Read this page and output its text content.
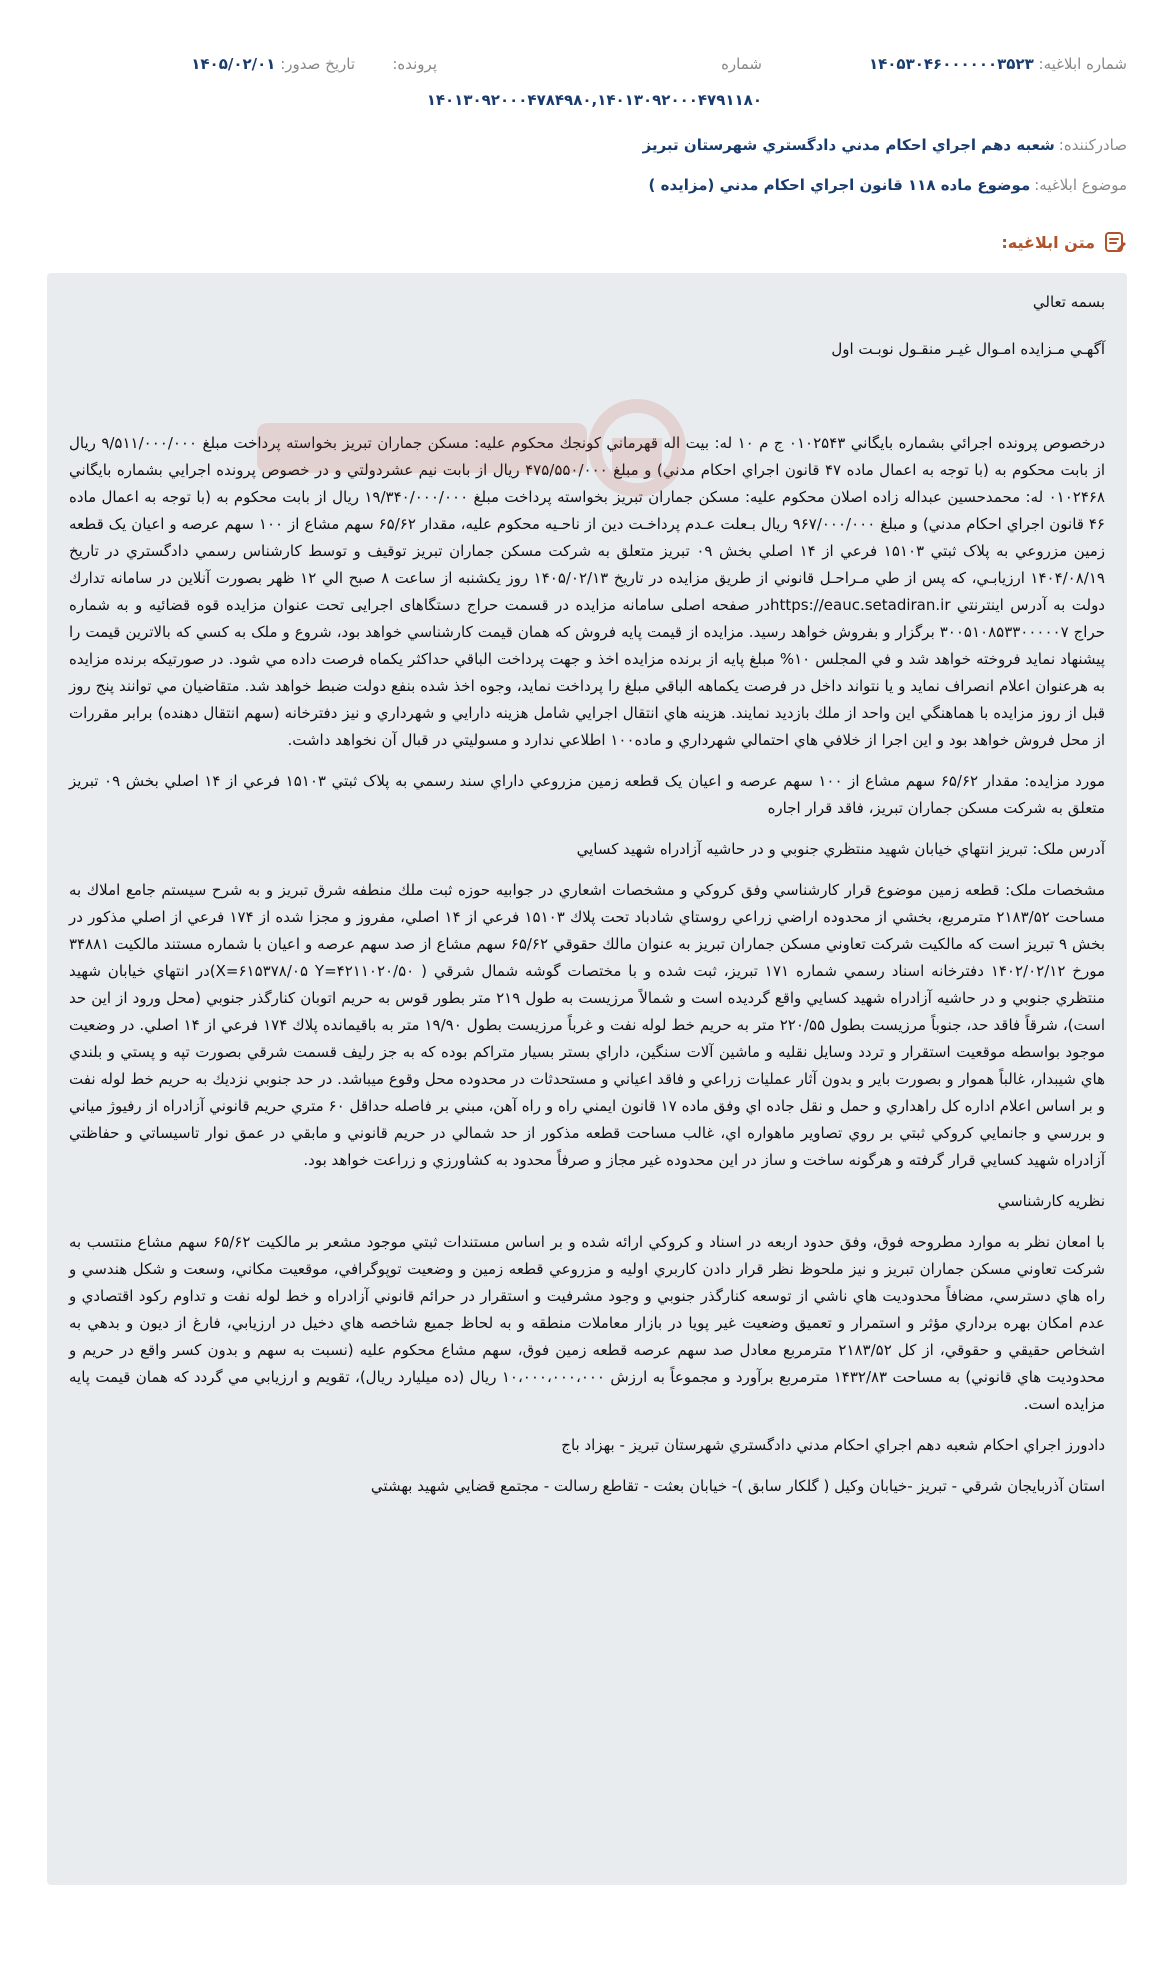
شماره ابلاغیه: ۱۴۰۵۳۰۴۶۰۰۰۰۰۰۳۵۲۳
شماره
پرونده:
تاریخ صدور: ۱۴۰۵/۰۲/۰۱
۱۴۰۱۳۰۹۲۰۰۰۴۷۸۴۹۸۰,۱۴۰۱۳۰۹۲۰۰۰۴۷۹۱۱۸۰
صادرکننده:
شعبه دهم اجراي احكام مدني دادگستري شهرستان تبريز
موضوع ابلاغیه:
موضوع ماده ۱۱۸ قانون اجراي احكام مدني (مزايده )
متن ابلاغیه:

بسمه تعالي

آگهـي مـزايده امـوال غيـر منقـول نوبـت اول

درخصوص پرونده اجرائي بشماره بايگاني ۰۱۰۲۵۴۳ ج م ۱۰ له: بيت اله قهرماني كونجك محكوم عليه: مسكن جماران تبريز بخواسته پرداخت مبلغ ۹/۵۱۱/۰۰۰/۰۰۰ ريال از بابت محكوم به (با توجه به اعمال ماده ۴۷ قانون اجراي احكام مدني) و مبلغ ۴۷۵/۵۵۰/۰۰۰ ريال از بابت نيم عشردولتي و در خصوص پرونده اجرايي بشماره بايگاني ۰۱۰۲۴۶۸ له: محمدحسين عبداله زاده اصلان محكوم عليه: مسكن جماران تبريز بخواسته پرداخت مبلغ ۱۹/۳۴۰/۰۰۰/۰۰۰ ريال از بابت محكوم به (با توجه به اعمال ماده ۴۶ قانون اجراي احكام مدني) و مبلغ ۹۶۷/۰۰۰/۰۰۰ ريال بـعلت عـدم پرداخـت دين از ناحـيه محكوم عليه، مقدار ۶۵/۶۲ سهم مشاع از ۱۰۰ سهم عرصه و اعيان يک قطعه زمين مزروعي به پلاک ثبتي ۱۵۱۰۳ فرعي از ۱۴ اصلي بخش ۰۹ تبريز متعلق به شرکت مسکن جماران تبريز توقيف و توسط كارشناس رسمي دادگستري در تاريخ ۱۴۰۴/۰۸/۱۹ ارزيابـي، كه پس از طي مـراحـل قانوني از طريق مزايده در تاريخ ۱۴۰۵/۰۲/۱۳ روز يكشنبه از ساعت ۸ صبح الي ۱۲ ظهر بصورت آنلاين در سامانه تدارك دولت به آدرس اينترنتي https://eauc.setadiran.irدر صفحه اصلی سامانه مزايده در قسمت حراج دستگاهای اجرايی تحت عنوان مزايده قوه قضائيه و به شماره حراج ۳۰۰۵۱۰۸۵۳۳۰۰۰۰۰۷ برگزار و بفروش خواهد رسيد. مزايده از قيمت پايه فروش كه همان قيمت كارشناسي خواهد بود، شروع و ملک به كسي كه بالاترين قيمت را پيشنهاد نمايد فروخته خواهد شد و في المجلس ۱۰% مبلغ پايه از برنده مزايده اخذ و جهت پرداخت الباقي حداكثر يكماه فرصت داده مي شود. در صورتيكه برنده مزايده به هرعنوان اعلام انصراف نمايد و يا نتواند داخل در فرصت يكماهه الباقي مبلغ را پرداخت نمايد، وجوه اخذ شده بنفع دولت ضبط خواهد شد. متقاضيان مي توانند پنج روز قبل از روز مزايده با هماهنگي اين واحد از ملك بازديد نمايند. هزينه هاي انتقال اجرايي شامل هزينه دارايي و شهرداري و نيز دفترخانه (سهم انتقال دهنده) برابر مقررات از محل فروش خواهد بود و اين اجرا از خلافي هاي احتمالي شهرداري و ماده۱۰۰ اطلاعي ندارد و مسوليتي در قبال آن نخواهد داشت.

مورد مزايده: مقدار ۶۵/۶۲ سهم مشاع از ۱۰۰ سهم عرصه و اعيان يک قطعه زمين مزروعي داراي سند رسمي به پلاک ثبتي ۱۵۱۰۳ فرعي از ۱۴ اصلي بخش ۰۹ تبريز متعلق به شرکت مسکن جماران تبريز، فاقد قرار اجاره

آدرس ملک: تبريز انتهاي خيابان شهيد منتظري جنوبي و در حاشيه آزادراه شهيد كسايي

مشخصات ملک: قطعه زمين موضوع قرار كارشناسي وفق كروكي و مشخصات اشعاري در جوابيه حوزه ثبت ملك منطفه شرق تبريز و به شرح سيستم جامع املاك به مساحت ۲۱۸۳/۵۲ مترمربع، بخشي از محدوده اراضي زراعي روستاي شادباد تحت پلاك ۱۵۱۰۳ فرعي از ۱۴ اصلي، مفروز و مجزا شده از ۱۷۴ فرعي از اصلي مذكور در بخش ۹ تبريز است كه مالكيت شركت تعاوني مسكن جماران تبريز به عنوان مالك حقوقي ۶۵/۶۲ سهم مشاع از صد سهم عرصه و اعيان با شماره مستند مالكيت ۳۴۸۸۱ مورخ ۱۴۰۲/۰۲/۱۲ دفترخانه اسناد رسمي شماره ۱۷۱ تبريز، ثبت شده و با مختصات گوشه شمال شرقي ( X=۶۱۵۳۷۸/۰۵ Y=۴۲۱۱۰۲۰/۵۰)در انتهاي خيابان شهيد منتظري جنوبي و در حاشيه آزادراه شهيد كسايي واقع گرديده است و شمالاً مرزيست به طول ۲۱۹ متر بطور قوس به حريم اتوبان كنارگذر جنوبي (محل ورود از اين حد است)، شرقاً فاقد حد، جنوباً مرزيست بطول ۲۲۰/۵۵ متر به حريم خط لوله نفت و غرباً مرزيست بطول ۱۹/۹۰ متر به باقيمانده پلاك ۱۷۴ فرعي از ۱۴ اصلي. در وضعيت موجود بواسطه موقعيت استقرار و تردد وسايل نقليه و ماشين آلات سنگين، داراي بستر بسيار متراكم بوده كه به جز رليف قسمت شرقي بصورت تپه و پستي و بلندي هاي شيبدار، غالباً هموار و بصورت باير و بدون آثار عمليات زراعي و فاقد اعياني و مستحدثات در محدوده محل وقوع ميباشد. در حد جنوبي نزديك به حريم خط لوله نفت و بر اساس اعلام اداره كل راهداري و حمل و نقل جاده اي وفق ماده ۱۷ قانون ايمني راه و راه آهن، مبني بر فاصله حداقل ۶۰ متري حريم قانوني آزادراه از رفيوژ مياني و بررسي و جانمايي كروكي ثبتي بر روي تصاوير ماهواره اي، غالب مساحت قطعه مذكور از حد شمالي در حريم قانوني و مابقي در عمق نوار تاسيساتي و حفاظتي آزادراه شهيد كسايي قرار گرفته و هرگونه ساخت و ساز در اين محدوده غير مجاز و صرفاً محدود به كشاورزي و زراعت خواهد بود.

نظريه كارشناسي

با امعان نظر به موارد مطروحه فوق، وفق حدود اربعه در اسناد و كروكي ارائه شده و بر اساس مستندات ثبتي موجود مشعر بر مالكيت ۶۵/۶۲ سهم مشاع منتسب به شركت تعاوني مسكن جماران تبريز و نيز ملحوظ نظر قرار دادن كاربري اوليه و مزروعي قطعه زمين و وضعيت توپوگرافي، موقعيت مكاني، وسعت و شكل هندسي و راه هاي دسترسي، مضافاً محدوديت هاي ناشي از توسعه كنارگذر جنوبي و وجود مشرفيت و استقرار در حرائم قانوني آزادراه و خط لوله نفت و تداوم ركود اقتصادي و عدم امكان بهره برداري مؤثر و استمرار و تعميق وضعيت غير پويا در بازار معاملات منطقه و به لحاظ جميع شاخصه هاي دخيل در ارزيابي، فارغ از ديون و بدهي به اشخاص حقيقي و حقوقي، از كل ۲۱۸۳/۵۲ مترمربع معادل صد سهم عرصه قطعه زمين فوق، سهم مشاع محكوم عليه (نسبت به سهم و بدون كسر واقع در حريم و محدوديت هاي قانوني) به مساحت ۱۴۳۲/۸۳ مترمربع برآورد و مجموعاً به ارزش ۱۰،۰۰۰،۰۰۰،۰۰۰ ريال (ده ميليارد ريال)، تقويم و ارزيابي مي گردد كه همان قيمت پايه مزايده است.

دادورز اجراي احكام شعبه دهم اجراي احكام مدني دادگستري شهرستان تبريز - بهزاد باج

استان آذربايجان شرقي - تبريز -خيابان وكيل ( گلكار سابق )- خيابان بعثت - تقاطع رسالت - مجتمع قضايي شهيد بهشتي
